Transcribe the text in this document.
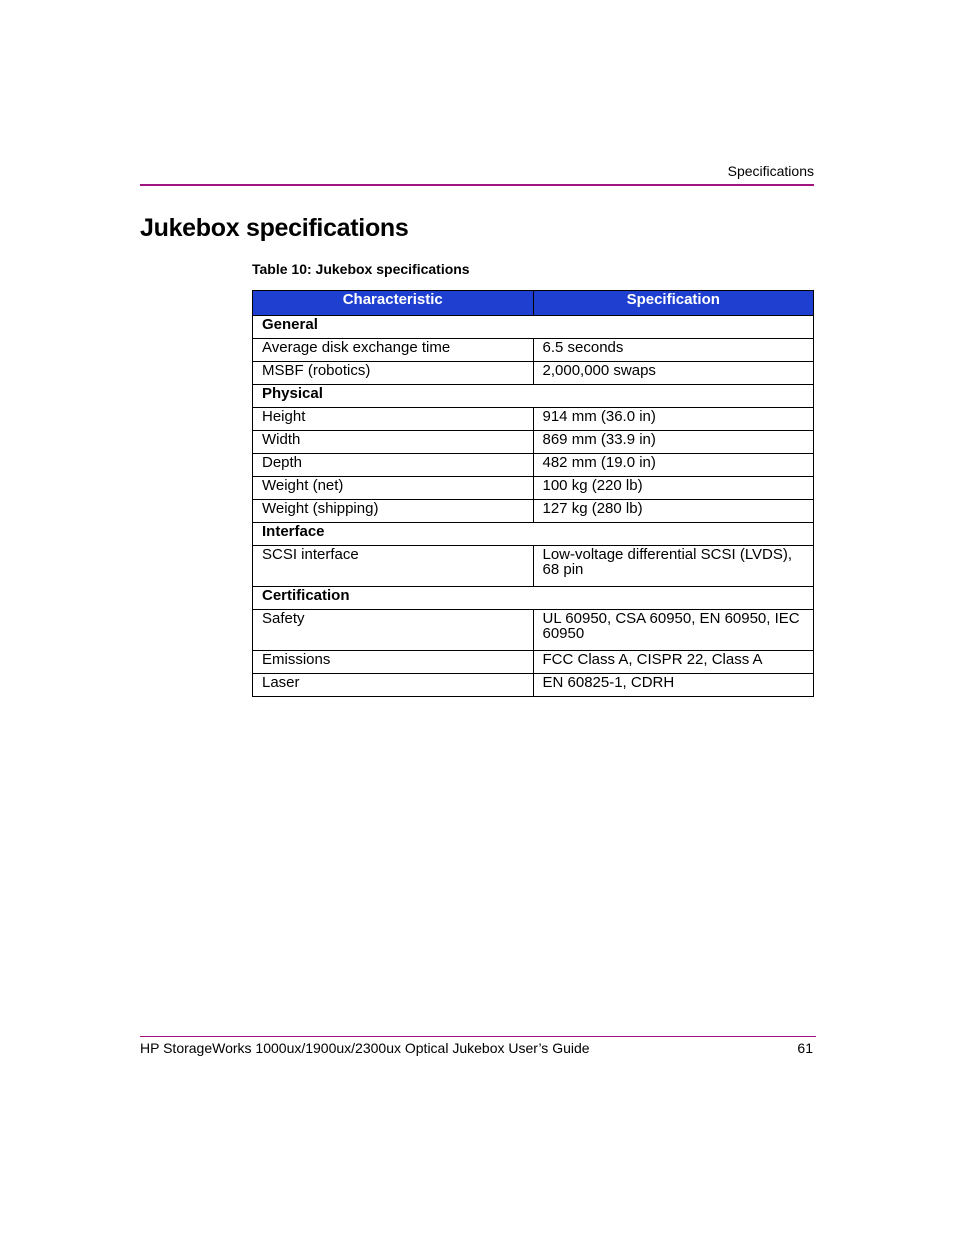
Specifications
Jukebox specifications
Table 10: Jukebox specifications
Characteristic	Specification
General	
Average disk exchange time	6.5 seconds
MSBF (robotics)	2,000,000 swaps
Physical	
Height	914 mm (36.0 in)
Width	869 mm (33.9 in)
Depth	482 mm (19.0 in)
Weight (net)	100 kg (220 lb)
Weight (shipping)	127 kg (280 lb)
Interface	
SCSI interface	Low-voltage differential SCSI (LVDS), 68 pin
Certification	
Safety	UL 60950, CSA 60950, EN 60950, IEC 60950
Emissions	FCC Class A, CISPR 22, Class A
Laser	EN 60825-1, CDRH
HP StorageWorks 1000ux/1900ux/2300ux Optical Jukebox User’s Guide	61
